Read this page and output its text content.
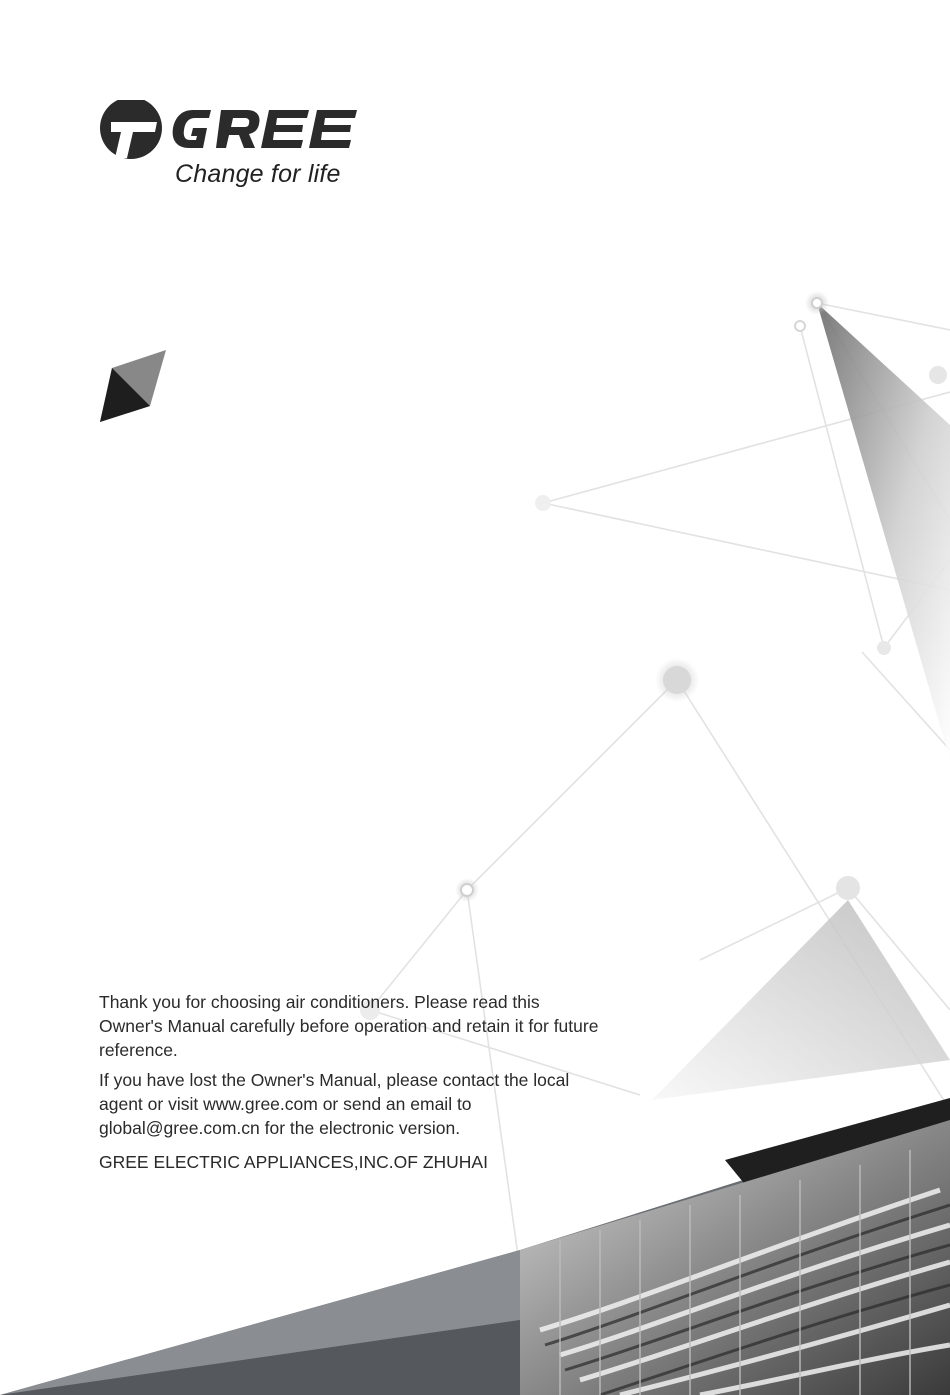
Change for life

Thank you for choosing air conditioners. Please read this Owner's Manual carefully before operation and retain it for future reference.

If you have lost the Owner's Manual, please contact the local agent or visit www.gree.com or send an email to global@gree.com.cn for the electronic version.

GREE ELECTRIC APPLIANCES,INC.OF ZHUHAI
